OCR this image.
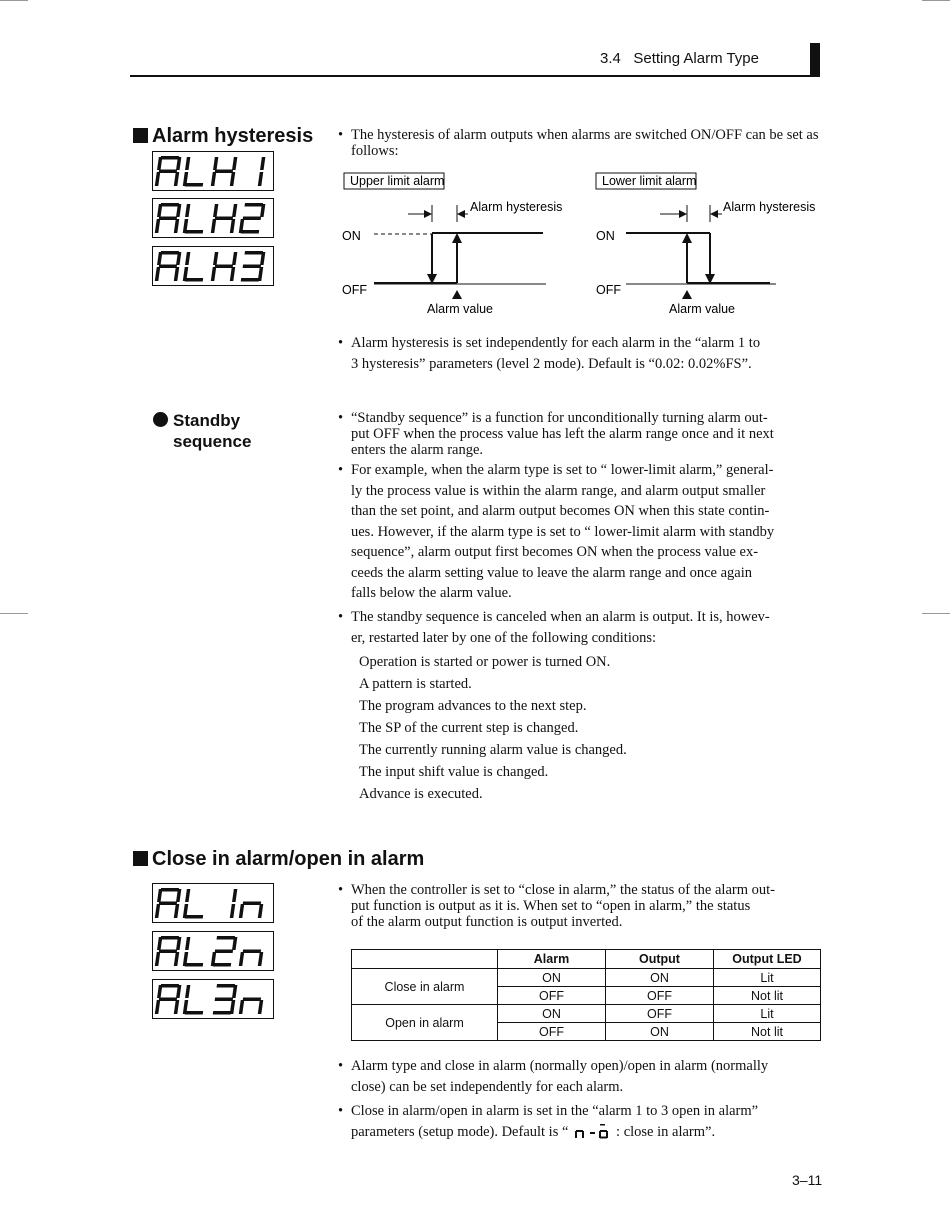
3.4   Setting Alarm Type
Alarm hysteresis • The hysteresis of alarm outputs when alarms are switched ON/OFF can be set as follows:
Upper limit alarm
Alarm hysteresis
ON
OFF
Alarm value
Lower limit alarm
Alarm hysteresis
ON
OFF
Alarm value
• Alarm hysteresis is set independently for each alarm in the “alarm 1 to
3 hysteresis” parameters (level 2 mode). Default is “0.02: 0.02%FS”.
Standby
sequence
• “Standby sequence” is a function for unconditionally turning alarm out-
put OFF when the process value has left the alarm range once and it next
enters the alarm range.
• For example, when the alarm type is set to “ lower-limit alarm,” general-
ly the process value is within the alarm range, and alarm output smaller
than the set point, and alarm output becomes ON when this state contin-
ues. However, if the alarm type is set to “ lower-limit alarm with standby
sequence”, alarm output first becomes ON when the process value ex-
ceeds the alarm setting value to leave the alarm range and once again
falls below the alarm value.
• The standby sequence is canceled when an alarm is output. It is, howev-
er, restarted later by one of the following conditions:
Operation is started or power is turned ON.
A pattern is started.
The program advances to the next step.
The SP of the current step is changed.
The currently running alarm value is changed.
The input shift value is changed.
Advance is executed.
Close in alarm/open in alarm
• When the controller is set to “close in alarm,” the status of the alarm out-
put function is output as it is. When set to “open in alarm,” the status
of the alarm output function is output inverted.
	Alarm	Output	Output LED
Close in alarm	ON	ON	Lit
	OFF	OFF	Not lit
Open in alarm	ON	OFF	Lit
	OFF	ON	Not lit
• Alarm type and close in alarm (normally open)/open in alarm (normally
close) can be set independently for each alarm.
• Close in alarm/open in alarm is set in the “alarm 1 to 3 open in alarm”
parameters (setup mode). Default is “	: close in alarm”.
3–11
